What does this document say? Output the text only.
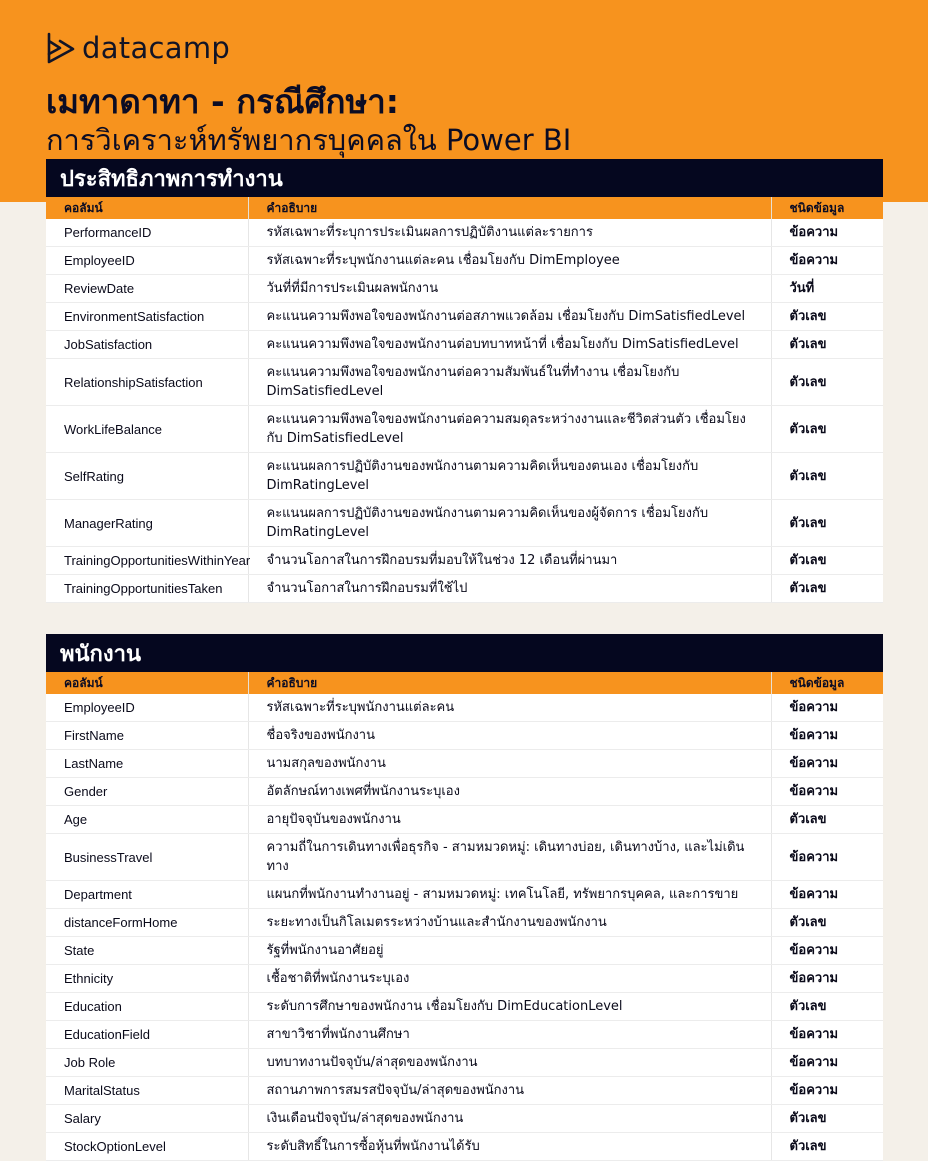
datacamp
เมทาดาทา - กรณีศึกษา:
การวิเคราะห์ทรัพยากรบุคคลใน Power BI
ประสิทธิภาพการทำงาน
คอลัมน์	คำอธิบาย	ชนิดข้อมูล
PerformanceID	รหัสเฉพาะที่ระบุการประเมินผลการปฏิบัติงานแต่ละรายการ	ข้อความ
EmployeeID	รหัสเฉพาะที่ระบุพนักงานแต่ละคน เชื่อมโยงกับ DimEmployee	ข้อความ
ReviewDate	วันที่ที่มีการประเมินผลพนักงาน	วันที่
EnvironmentSatisfaction	คะแนนความพึงพอใจของพนักงานต่อสภาพแวดล้อม เชื่อมโยงกับ DimSatisfiedLevel	ตัวเลข
JobSatisfaction	คะแนนความพึงพอใจของพนักงานต่อบทบาทหน้าที่ เชื่อมโยงกับ DimSatisfiedLevel	ตัวเลข
RelationshipSatisfaction	คะแนนความพึงพอใจของพนักงานต่อความสัมพันธ์ในที่ทำงาน เชื่อมโยงกับ DimSatisfiedLevel	ตัวเลข
WorkLifeBalance	คะแนนความพึงพอใจของพนักงานต่อความสมดุลระหว่างงานและชีวิตส่วนตัว เชื่อมโยงกับ DimSatisfiedLevel	ตัวเลข
SelfRating	คะแนนผลการปฏิบัติงานของพนักงานตามความคิดเห็นของตนเอง เชื่อมโยงกับ DimRatingLevel	ตัวเลข
ManagerRating	คะแนนผลการปฏิบัติงานของพนักงานตามความคิดเห็นของผู้จัดการ เชื่อมโยงกับ DimRatingLevel	ตัวเลข
TrainingOpportunitiesWithinYear	จำนวนโอกาสในการฝึกอบรมที่มอบให้ในช่วง 12 เดือนที่ผ่านมา	ตัวเลข
TrainingOpportunitiesTaken	จำนวนโอกาสในการฝึกอบรมที่ใช้ไป	ตัวเลข
พนักงาน
คอลัมน์	คำอธิบาย	ชนิดข้อมูล
EmployeeID	รหัสเฉพาะที่ระบุพนักงานแต่ละคน	ข้อความ
FirstName	ชื่อจริงของพนักงาน	ข้อความ
LastName	นามสกุลของพนักงาน	ข้อความ
Gender	อัตลักษณ์ทางเพศที่พนักงานระบุเอง	ข้อความ
Age	อายุปัจจุบันของพนักงาน	ตัวเลข
BusinessTravel	ความถี่ในการเดินทางเพื่อธุรกิจ - สามหมวดหมู่: เดินทางบ่อย, เดินทางบ้าง, และไม่เดินทาง	ข้อความ
Department	แผนกที่พนักงานทำงานอยู่ - สามหมวดหมู่: เทคโนโลยี, ทรัพยากรบุคคล, และการขาย	ข้อความ
distanceFormHome	ระยะทางเป็นกิโลเมตรระหว่างบ้านและสำนักงานของพนักงาน	ตัวเลข
State	รัฐที่พนักงานอาศัยอยู่	ข้อความ
Ethnicity	เชื้อชาติที่พนักงานระบุเอง	ข้อความ
Education	ระดับการศึกษาของพนักงาน เชื่อมโยงกับ DimEducationLevel	ตัวเลข
EducationField	สาขาวิชาที่พนักงานศึกษา	ข้อความ
Job Role	บทบาทงานปัจจุบัน/ล่าสุดของพนักงาน	ข้อความ
MaritalStatus	สถานภาพการสมรสปัจจุบัน/ล่าสุดของพนักงาน	ข้อความ
Salary	เงินเดือนปัจจุบัน/ล่าสุดของพนักงาน	ตัวเลข
StockOptionLevel	ระดับสิทธิ์ในการซื้อหุ้นที่พนักงานได้รับ	ตัวเลข
